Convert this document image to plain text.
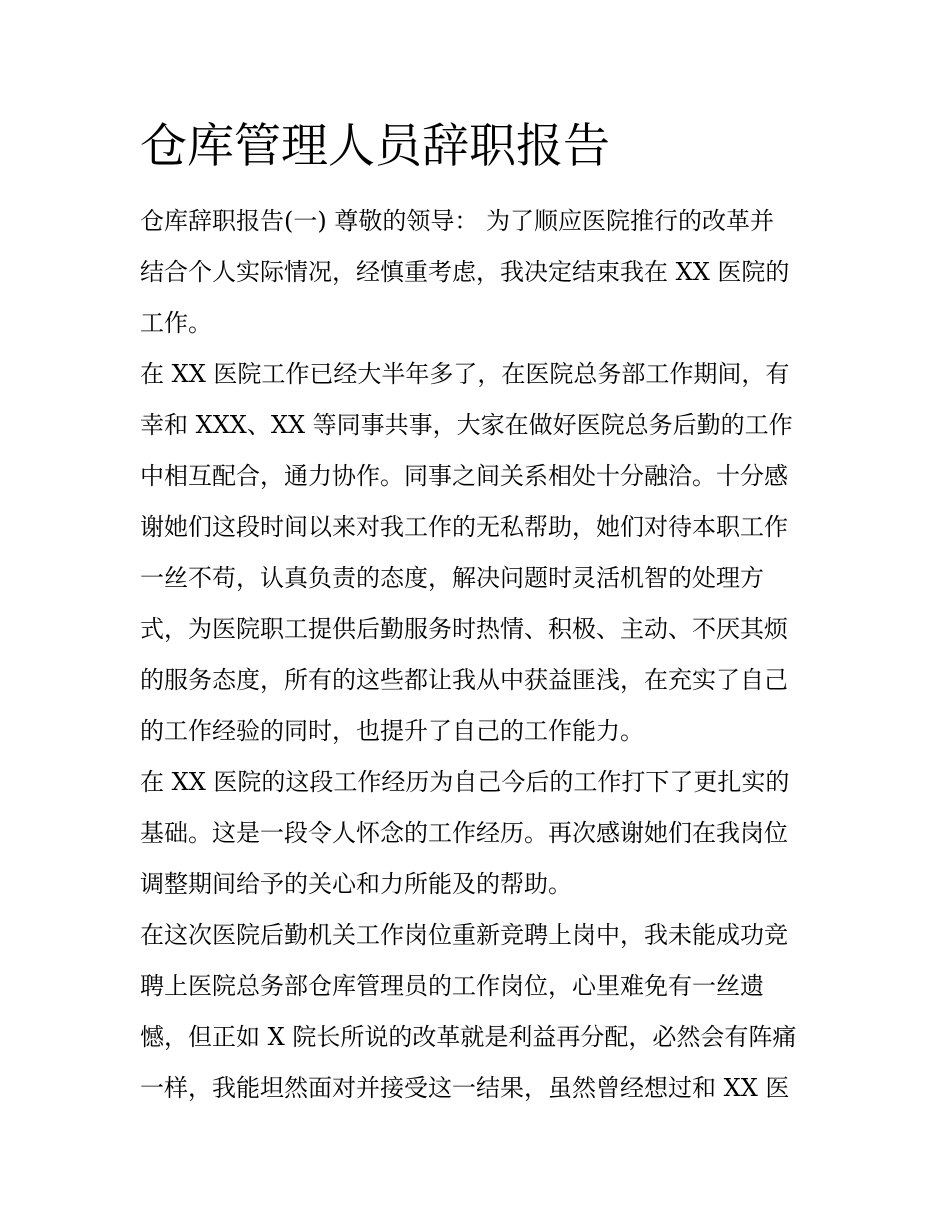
仓库管理人员辞职报告
仓库辞职报告(一) 尊敬的领导： 为了顺应医院推行的改革并
结合个人实际情况，经慎重考虑，我决定结束我在 XX 医院的
工作。
在 XX 医院工作已经大半年多了，在医院总务部工作期间，有
幸和 XXX、XX 等同事共事，大家在做好医院总务后勤的工作
中相互配合，通力协作。同事之间关系相处十分融洽。十分感
谢她们这段时间以来对我工作的无私帮助，她们对待本职工作
一丝不苟，认真负责的态度，解决问题时灵活机智的处理方
式，为医院职工提供后勤服务时热情、积极、主动、不厌其烦
的服务态度，所有的这些都让我从中获益匪浅，在充实了自己
的工作经验的同时，也提升了自己的工作能力。
在 XX 医院的这段工作经历为自己今后的工作打下了更扎实的
基础。这是一段令人怀念的工作经历。再次感谢她们在我岗位
调整期间给予的关心和力所能及的帮助。
在这次医院后勤机关工作岗位重新竞聘上岗中，我未能成功竞
聘上医院总务部仓库管理员的工作岗位，心里难免有一丝遗
憾，但正如 X 院长所说的改革就是利益再分配，必然会有阵痛
一样，我能坦然面对并接受这一结果，虽然曾经想过和 XX 医
